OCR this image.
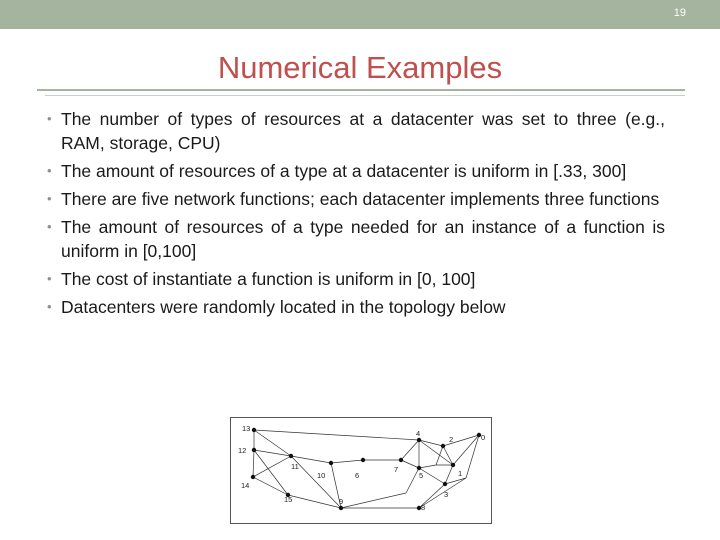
19
Numerical Examples
• The number of types of resources at a datacenter was set to three (e.g., RAM, storage, CPU)
• The amount of resources of a type at a datacenter is uniform in [.33, 300]
• There are five network functions; each datacenter implements three functions
• The amount of resources of a type needed for an instance of a function is uniform in [0,100]
• The cost of instantiate a function is uniform in [0, 100]
• Datacenters were randomly located in the topology below
13
12
14
11
15
10
9
6
7
4
2	0
5	1
3
8
